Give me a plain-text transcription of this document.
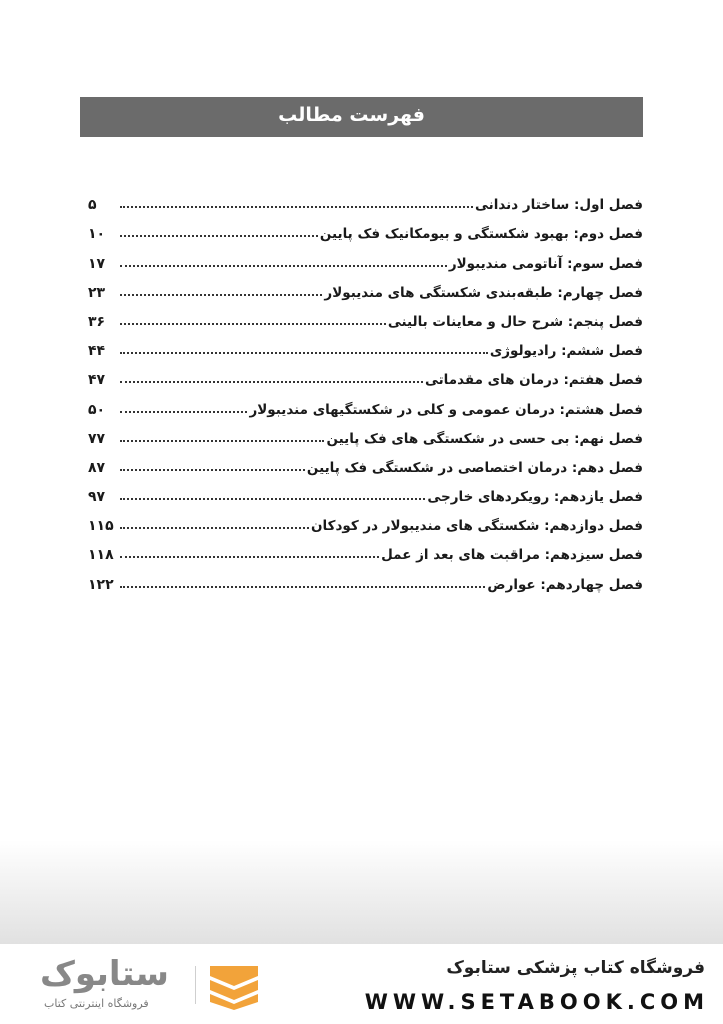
فهرست مطالب
فصل اول: ساختار دندانی
۵
فصل دوم: بهبود شکستگی و بیومکانیک فک پایین
۱۰
فصل سوم: آناتومی مندیبولار
۱۷
فصل چهارم: طبقه‌بندی شکستگی های مندیبولار
۲۳
فصل پنجم: شرح حال و معاینات بالینی
۳۶
فصل ششم: رادیولوژی
۴۴
فصل هفتم: درمان های مقدماتی
۴۷
فصل هشتم: درمان عمومی و کلی در شکستگیهای مندیبولار
۵۰
فصل نهم: بی حسی در شکستگی های فک پایین
۷۷
فصل دهم: درمان اختصاصی در شکستگی فک پایین
۸۷
فصل یازدهم: رویکردهای خارجی
۹۷
فصل دوازدهم: شکستگی های مندیبولار در کودکان
۱۱۵
فصل سیزدهم: مراقبت های بعد از عمل
۱۱۸
فصل چهاردهم: عوارض
۱۲۲
ستابوک
فروشگاه اینترنتی کتاب
فروشگاه کتاب پزشکی ستابوک
WWW.SETABOOK.COM
